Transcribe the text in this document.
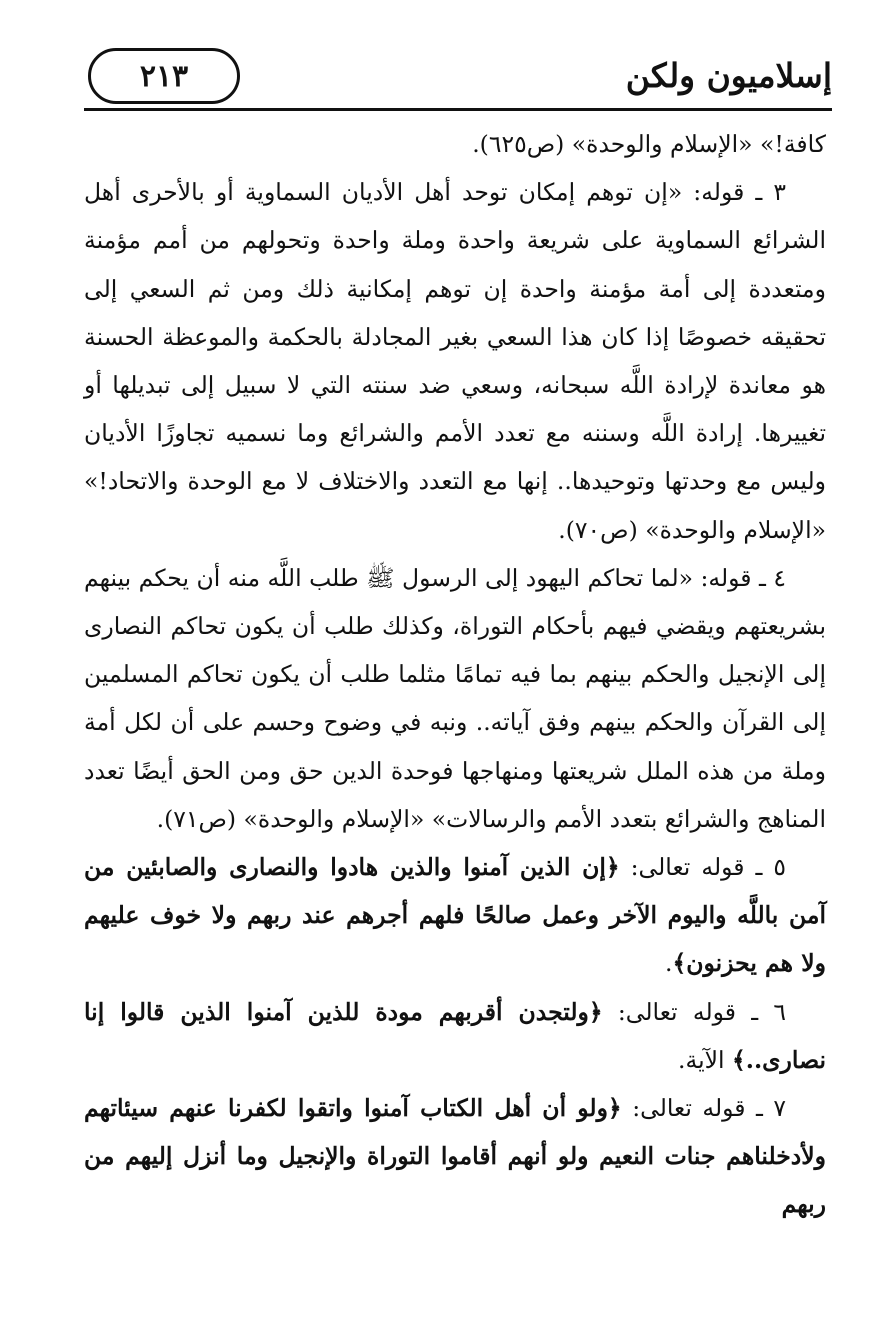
إسلاميون ولكن
٢١٣

كافة!» «الإسلام والوحدة» (ص٦٢٥).

٣ ـ قوله: «إن توهم إمكان توحد أهل الأديان السماوية أو بالأحرى أهل الشرائع السماوية على شريعة واحدة وملة واحدة وتحولهم من أمم مؤمنة ومتعددة إلى أمة مؤمنة واحدة إن توهم إمكانية ذلك ومن ثم السعي إلى تحقيقه خصوصًا إذا كان هذا السعي بغير المجادلة بالحكمة والموعظة الحسنة هو معاندة لإرادة اللَّه سبحانه، وسعي ضد سنته التي لا سبيل إلى تبديلها أو تغييرها. إرادة اللَّه وسننه مع تعدد الأمم والشرائع وما نسميه تجاوزًا الأديان وليس مع وحدتها وتوحيدها.. إنها مع التعدد والاختلاف لا مع الوحدة والاتحاد!» «الإسلام والوحدة» (ص٧٠).

٤ ـ قوله: «لما تحاكم اليهود إلى الرسول ﷺ طلب اللَّه منه أن يحكم بينهم بشريعتهم ويقضي فيهم بأحكام التوراة، وكذلك طلب أن يكون تحاكم النصارى إلى الإنجيل والحكم بينهم بما فيه تمامًا مثلما طلب أن يكون تحاكم المسلمين إلى القرآن والحكم بينهم وفق آياته.. ونبه في وضوح وحسم على أن لكل أمة وملة من هذه الملل شريعتها ومنهاجها فوحدة الدين حق ومن الحق أيضًا تعدد المناهج والشرائع بتعدد الأمم والرسالات» «الإسلام والوحدة» (ص٧١).

٥ ـ قوله تعالى: ﴿إن الذين آمنوا والذين هادوا والنصارى والصابئين من آمن باللَّه واليوم الآخر وعمل صالحًا فلهم أجرهم عند ربهم ولا خوف عليهم ولا هم يحزنون﴾.

٦ ـ قوله تعالى: ﴿ولتجدن أقربهم مودة للذين آمنوا الذين قالوا إنا نصارى..﴾ الآية.

٧ ـ قوله تعالى: ﴿ولو أن أهل الكتاب آمنوا واتقوا لكفرنا عنهم سيئاتهم ولأدخلناهم جنات النعيم ولو أنهم أقاموا التوراة والإنجيل وما أنزل إليهم من ربهم
